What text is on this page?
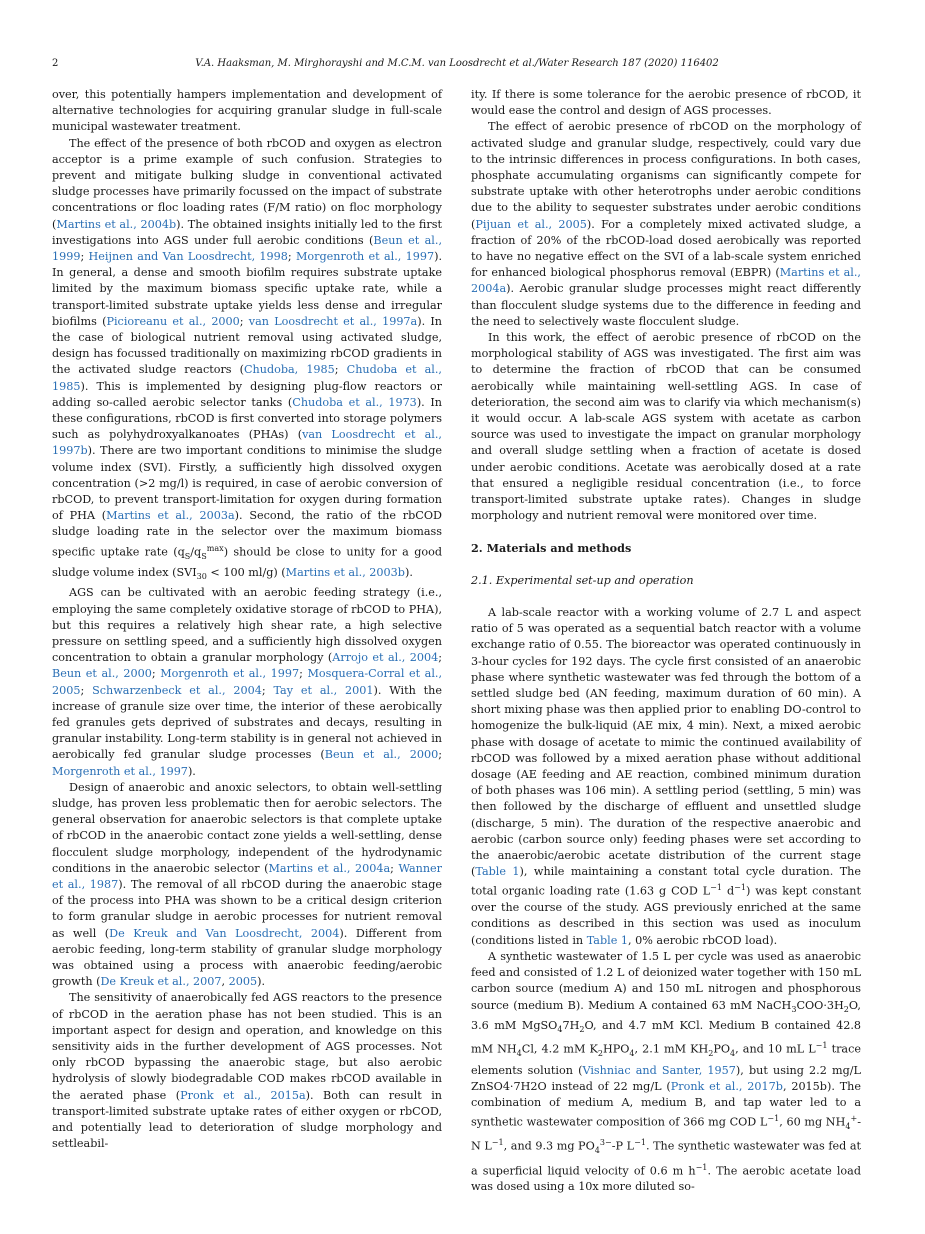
2	V.A. Haaksman, M. Mirghorayshi and M.C.M. van Loosdrecht et al./Water Research 187 (2020) 116402

over, this potentially hampers implementation and development of alternative technologies for acquiring granular sludge in full-scale municipal wastewater treatment.

The effect of the presence of both rbCOD and oxygen as electron acceptor is a prime example of such confusion. Strategies to prevent and mitigate bulking sludge in conventional activated sludge processes have primarily focussed on the impact of substrate concentrations or floc loading rates (F/M ratio) on floc morphology (Martins et al., 2004b). The obtained insights initially led to the first investigations into AGS under full aerobic conditions (Beun et al., 1999; Heijnen and Van Loosdrecht, 1998; Morgenroth et al., 1997). In general, a dense and smooth biofilm requires substrate uptake limited by the maximum biomass specific uptake rate, while a transport-limited substrate uptake yields less dense and irregular biofilms (Picioreanu et al., 2000; van Loosdrecht et al., 1997a). In the case of biological nutrient removal using activated sludge, design has focussed traditionally on maximizing rbCOD gradients in the activated sludge reactors (Chudoba, 1985; Chudoba et al., 1985). This is implemented by designing plug-flow reactors or adding so-called aerobic selector tanks (Chudoba et al., 1973). In these configurations, rbCOD is first converted into storage polymers such as polyhydroxyalkanoates (PHAs) (van Loosdrecht et al., 1997b). There are two important conditions to minimise the sludge volume index (SVI). Firstly, a sufficiently high dissolved oxygen concentration (>2 mg/l) is required, in case of aerobic conversion of rbCOD, to prevent transport-limitation for oxygen during formation of PHA (Martins et al., 2003a). Second, the ratio of the rbCOD sludge loading rate in the selector over the maximum biomass specific uptake rate $(q_S/q_S^{max})$ should be close to unity for a good sludge volume index ($SVI_{30} < 100$ ml/g) (Martins et al., 2003b).

AGS can be cultivated with an aerobic feeding strategy (i.e., employing the same completely oxidative storage of rbCOD to PHA), but this requires a relatively high shear rate, a high selective pressure on settling speed, and a sufficiently high dissolved oxygen concentration to obtain a granular morphology (Arrojo et al., 2004; Beun et al., 2000; Morgenroth et al., 1997; Mosquera-Corral et al., 2005; Schwarzenbeck et al., 2004; Tay et al., 2001). With the increase of granule size over time, the interior of these aerobically fed granules gets deprived of substrates and decays, resulting in granular instability. Long-term stability is in general not achieved in aerobically fed granular sludge processes (Beun et al., 2000; Morgenroth et al., 1997).

Design of anaerobic and anoxic selectors, to obtain well-settling sludge, has proven less problematic then for aerobic selectors. The general observation for anaerobic selectors is that complete uptake of rbCOD in the anaerobic contact zone yields a well-settling, dense flocculent sludge morphology, independent of the hydrodynamic conditions in the anaerobic selector (Martins et al., 2004a; Wanner et al., 1987). The removal of all rbCOD during the anaerobic stage of the process into PHA was shown to be a critical design criterion to form granular sludge in aerobic processes for nutrient removal as well (De Kreuk and Van Loosdrecht, 2004). Different from aerobic feeding, long-term stability of granular sludge morphology was obtained using a process with anaerobic feeding/aerobic growth (De Kreuk et al., 2007, 2005).

The sensitivity of anaerobically fed AGS reactors to the presence of rbCOD in the aeration phase has not been studied. This is an important aspect for design and operation, and knowledge on this sensitivity aids in the further development of AGS processes. Not only rbCOD bypassing the anaerobic stage, but also aerobic hydrolysis of slowly biodegradable COD makes rbCOD available in the aerated phase (Pronk et al., 2015a). Both can result in transport-limited substrate uptake rates of either oxygen or rbCOD, and potentially lead to deterioration of sludge morphology and settleabil-

ity. If there is some tolerance for the aerobic presence of rbCOD, it would ease the control and design of AGS processes.

The effect of aerobic presence of rbCOD on the morphology of activated sludge and granular sludge, respectively, could vary due to the intrinsic differences in process configurations. In both cases, phosphate accumulating organisms can significantly compete for substrate uptake with other heterotrophs under aerobic conditions due to the ability to sequester substrates under aerobic conditions (Pijuan et al., 2005). For a completely mixed activated sludge, a fraction of 20% of the rbCOD-load dosed aerobically was reported to have no negative effect on the SVI of a lab-scale system enriched for enhanced biological phosphorus removal (EBPR) (Martins et al., 2004a). Aerobic granular sludge processes might react differently than flocculent sludge systems due to the difference in feeding and the need to selectively waste flocculent sludge.

In this work, the effect of aerobic presence of rbCOD on the morphological stability of AGS was investigated. The first aim was to determine the fraction of rbCOD that can be consumed aerobically while maintaining well-settling AGS. In case of deterioration, the second aim was to clarify via which mechanism(s) it would occur. A lab-scale AGS system with acetate as carbon source was used to investigate the impact on granular morphology and overall sludge settling when a fraction of acetate is dosed under aerobic conditions. Acetate was aerobically dosed at a rate that ensured a negligible residual concentration (i.e., to force transport-limited substrate uptake rates). Changes in sludge morphology and nutrient removal were monitored over time.

2. Materials and methods
2.1. Experimental set-up and operation

A lab-scale reactor with a working volume of 2.7 L and aspect ratio of 5 was operated as a sequential batch reactor with a volume exchange ratio of 0.55. The bioreactor was operated continuously in 3-hour cycles for 192 days. The cycle first consisted of an anaerobic phase where synthetic wastewater was fed through the bottom of a settled sludge bed (AN feeding, maximum duration of 60 min). A short mixing phase was then applied prior to enabling DO-control to homogenize the bulk-liquid (AE mix, 4 min). Next, a mixed aerobic phase with dosage of acetate to mimic the continued availability of rbCOD was followed by a mixed aeration phase without additional dosage (AE feeding and AE reaction, combined minimum duration of both phases was 106 min). A settling period (settling, 5 min) was then followed by the discharge of effluent and unsettled sludge (discharge, 5 min). The duration of the respective anaerobic and aerobic (carbon source only) feeding phases were set according to the anaerobic/aerobic acetate distribution of the current stage (Table 1), while maintaining a constant total cycle duration. The total organic loading rate (1.63 g COD $L^{-1}$ $d^{-1}$) was kept constant over the course of the study. AGS previously enriched at the same conditions as described in this section was used as inoculum (conditions listed in Table 1, 0% aerobic rbCOD load).

A synthetic wastewater of 1.5 L per cycle was used as anaerobic feed and consisted of 1.2 L of deionized water together with 150 mL carbon source (medium A) and 150 mL nitrogen and phosphorous source (medium B). Medium A contained 63 mM $NaCH_3COO\cdot 3H_2O$, 3.6 mM $MgSO_47H_2O$, and 4.7 mM KCl. Medium B contained 42.8 mM $NH_4Cl$, 4.2 mM $K_2HPO_4$, 2.1 mM $KH_2PO_4$, and 10 mL $L^{-1}$ trace elements solution (Vishniac and Santer, 1957), but using 2.2 mg/L ZnSO4·7H2O instead of 22 mg/L (Pronk et al., 2017b, 2015b). The combination of medium A, medium B, and tap water led to a synthetic wastewater composition of 366 mg COD $L^{-1}$, 60 mg $NH_4^+-N$ $L^{-1}$, and 9.3 mg $PO_4^{3-}-P$ $L^{-1}$. The synthetic wastewater was fed at a superficial liquid velocity of 0.6 m $h^{-1}$. The aerobic acetate load was dosed using a 10x more diluted so-
